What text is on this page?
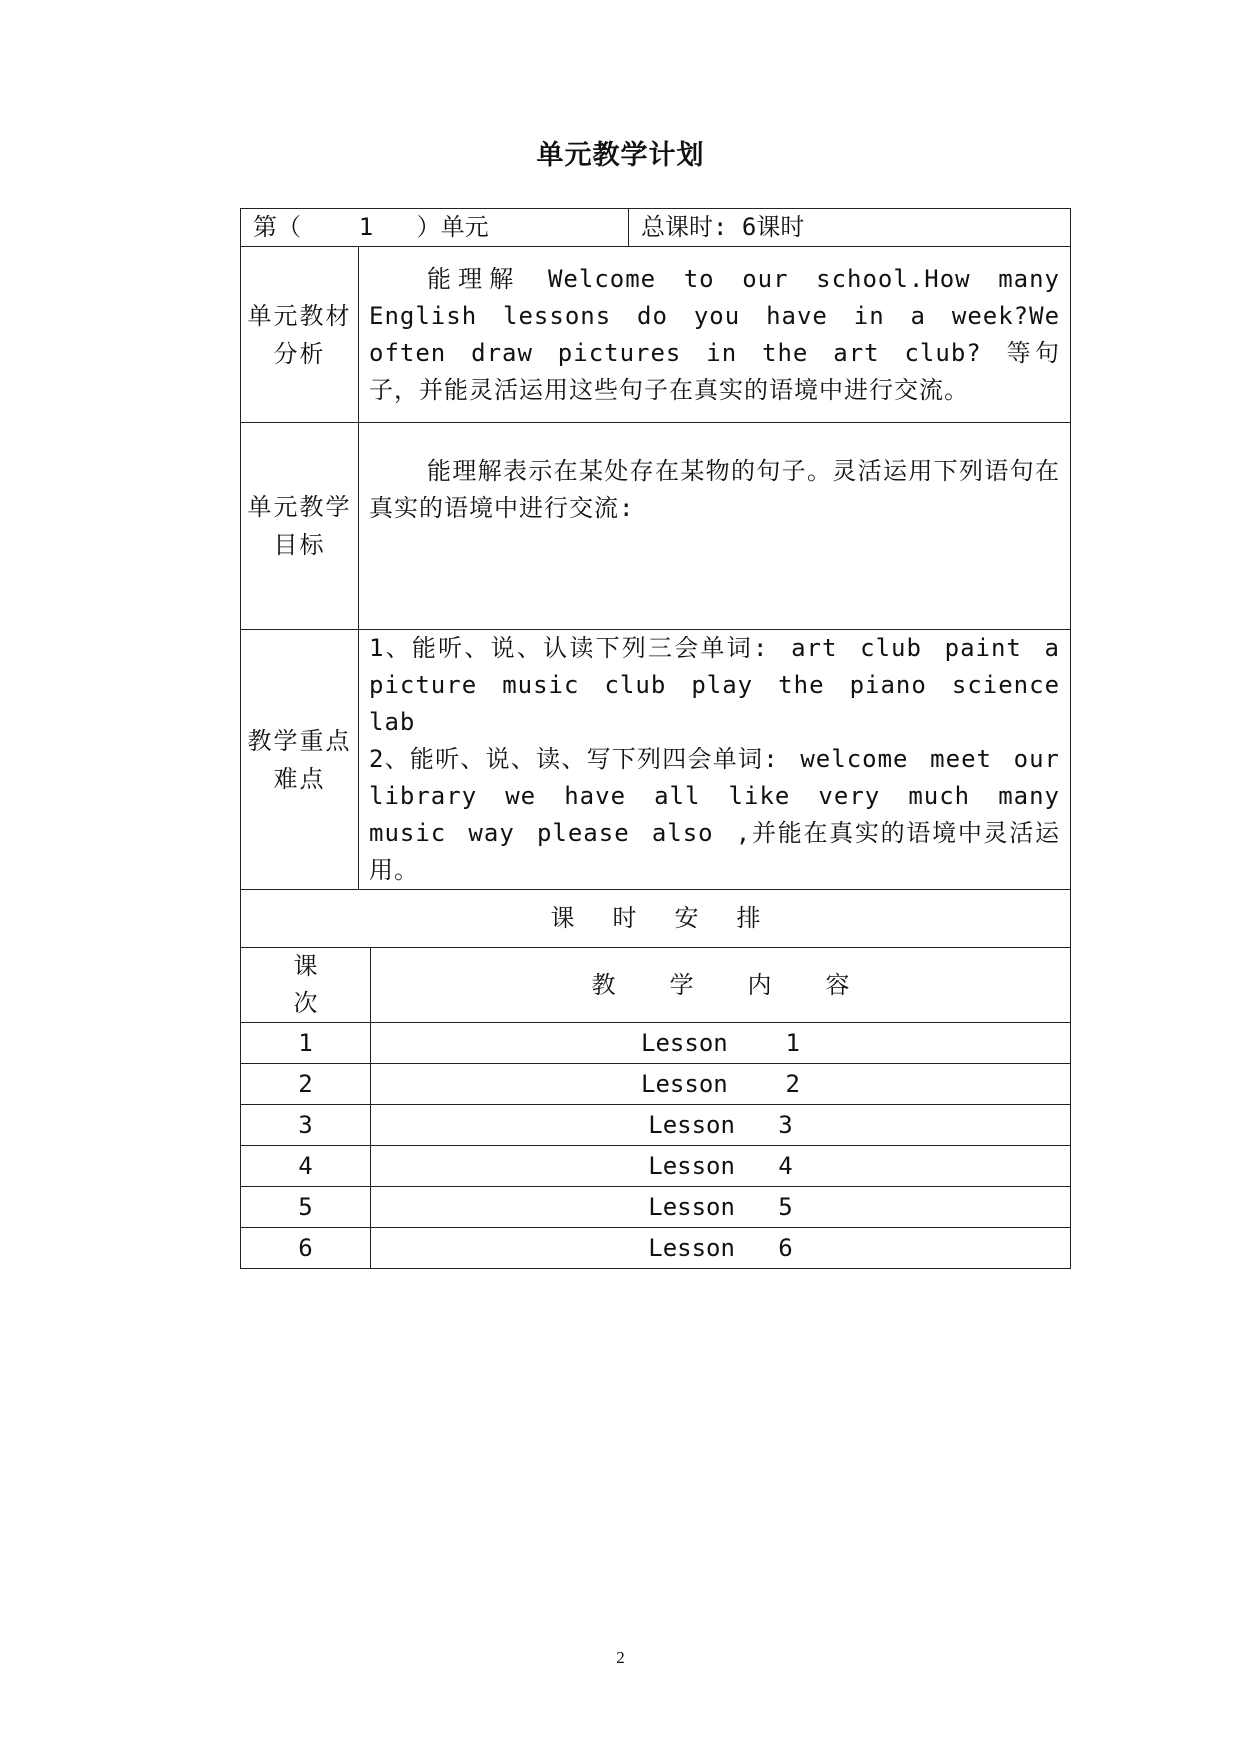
单元教学计划
第（    1   ）单元			总课时: 6课时
单元教材分析	能理解 Welcome to our school.How many English lessons do you have in a week?We often draw pictures in the art club? 等句子，并能灵活运用这些句子在真实的语境中进行交流。		

单元教学目标	能理解表示在某处存在某物的句子。灵活运用下列语句在真实的语境中进行交流:		

教学重点难点	1、能听、说、认读下列三会单词: art club paint a picture music club play the piano science lab
2、能听、说、读、写下列四会单词: welcome meet our library we have all like very much many music way please also ,并能在真实的语境中灵活运用。		

课时安排			
课次		教学内容	
1		Lesson    1	
2		Lesson    2	
3		Lesson   3	
4		Lesson   4	
5		Lesson   5	
6		Lesson   6	
2
